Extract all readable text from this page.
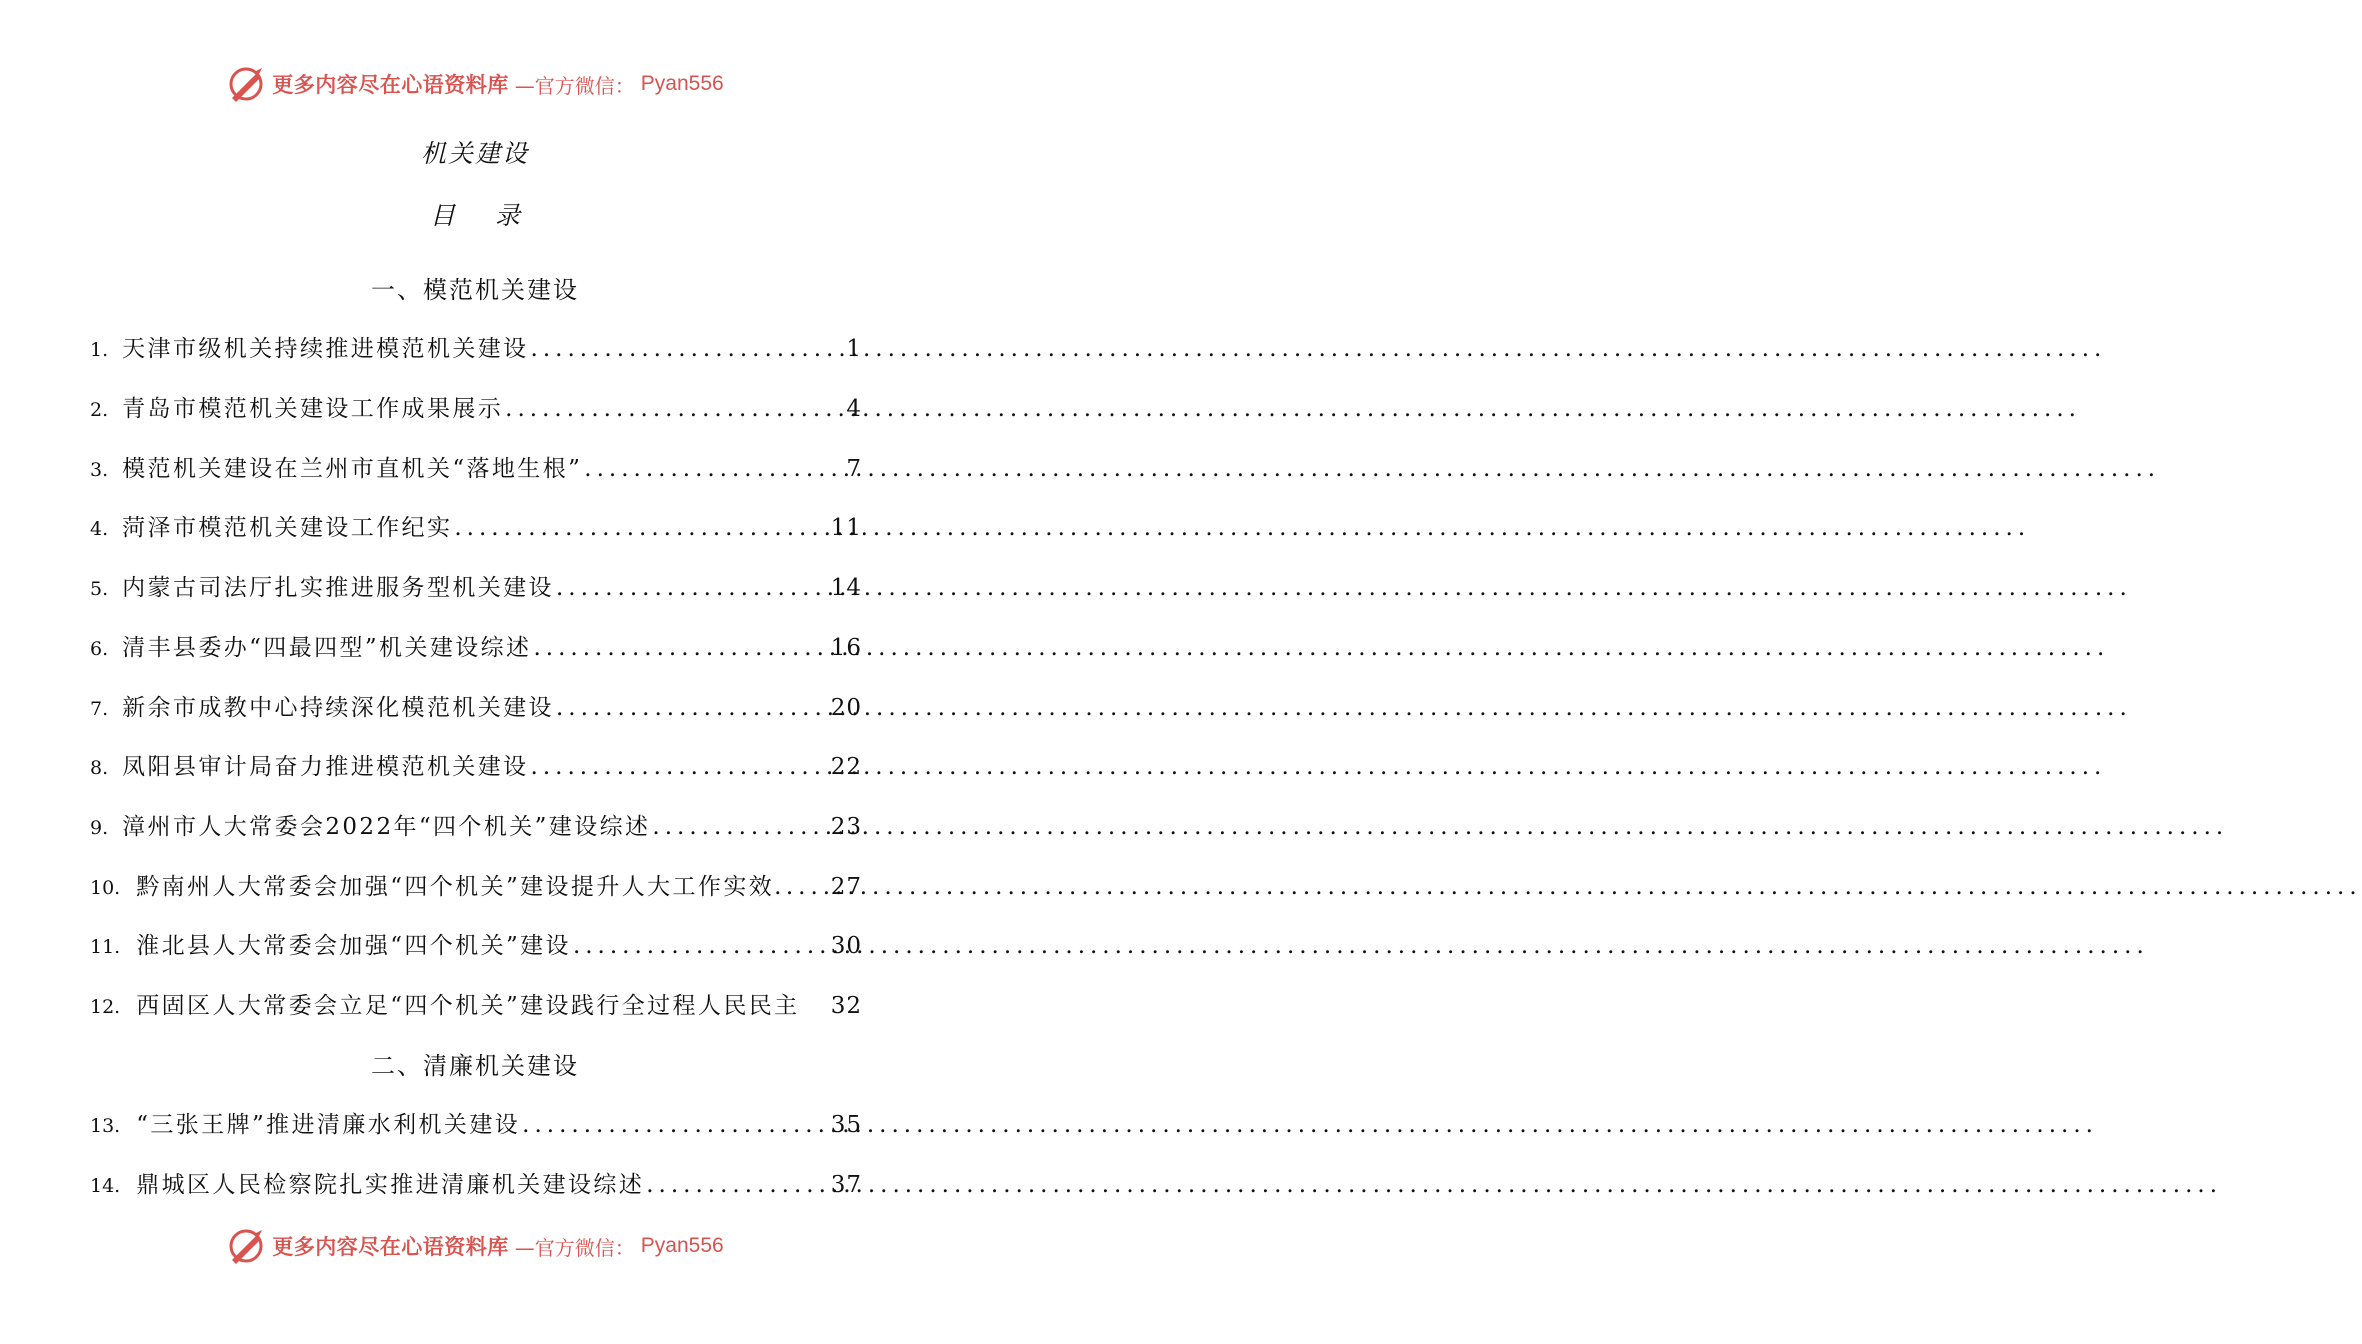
更多内容尽在心语资料库 —官方微信： Pyan556
机关建设
目录
一、模范机关建设
1. 天津市级机关持续推进模范机关建设 .....	1
2. 青岛市模范机关建设工作成果展示 .....	4
3. 模范机关建设在兰州市直机关“落地生根” .....	7
4. 菏泽市模范机关建设工作纪实 .....	11
5. 内蒙古司法厅扎实推进服务型机关建设 .....	14
6. 清丰县委办“四最四型”机关建设综述 .....	16
7. 新余市成教中心持续深化模范机关建设 .....	20
8. 凤阳县审计局奋力推进模范机关建设 .....	22
9. 漳州市人大常委会2022年“四个机关”建设综述 .....	23
10. 黔南州人大常委会加强“四个机关”建设提升人大工作实效. ..... 27
11. 淮北县人大常委会加强“四个机关”建设 .....	30
12. 西固区人大常委会立足“四个机关”建设践行全过程人民民主 32
二、清廉机关建设
13. “三张王牌”推进清廉水利机关建设 .....	35
14. 鼎城区人民检察院扎实推进清廉机关建设综述 .....	37
更多内容尽在心语资料库 —官方微信： Pyan556
